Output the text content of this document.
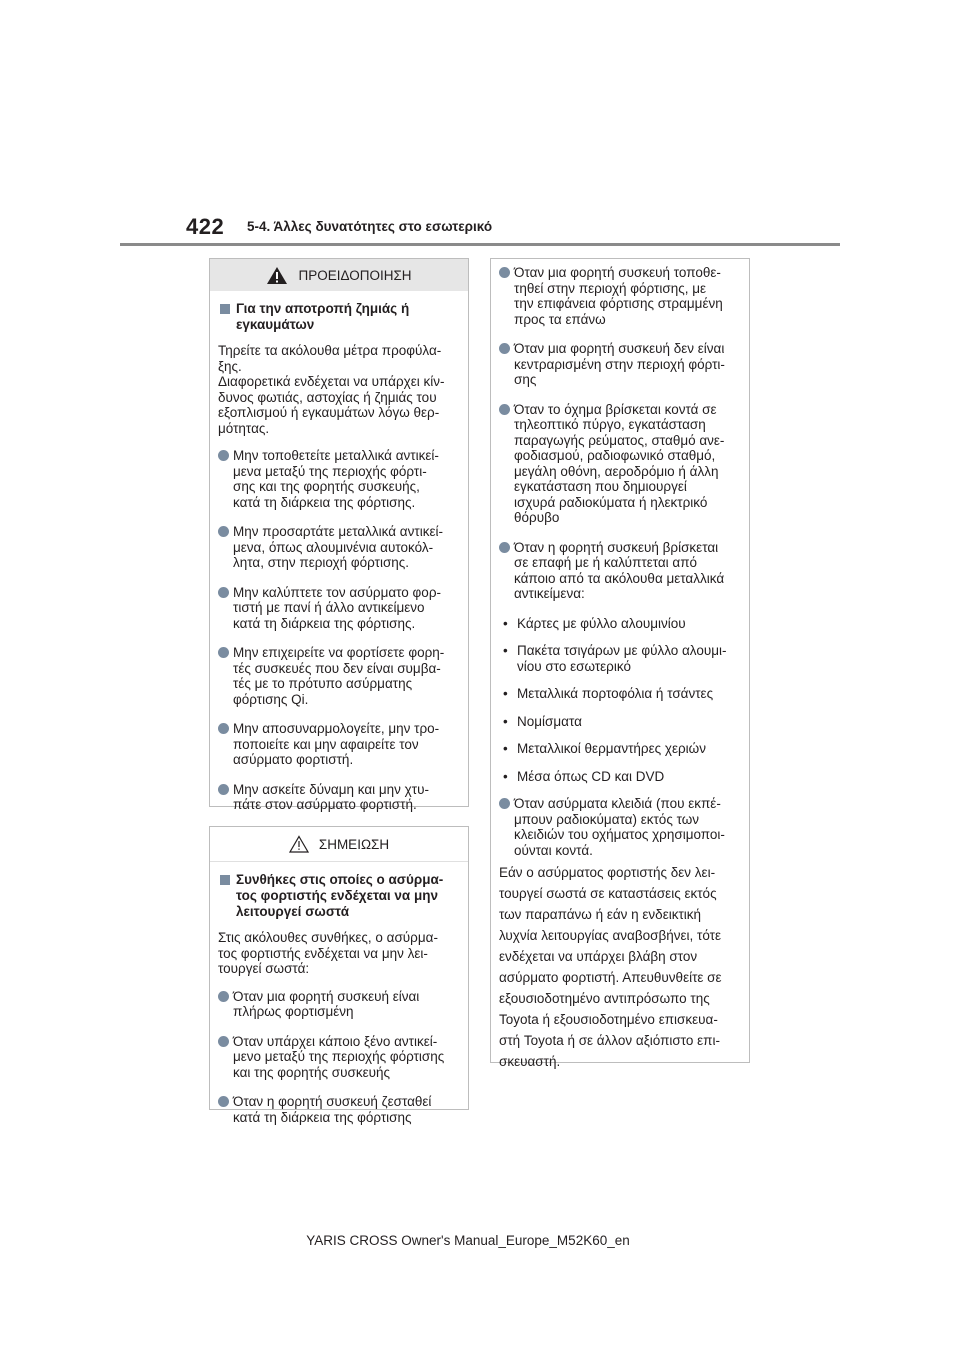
422 5-4. Άλλες δυνατότητες στο εσωτερικό
ΠΡΟΕΙΔΟΠΟΙΗΣΗ
Για την αποτροπή ζημιάς ή
εγκαυμάτων
Τηρείτε τα ακόλουθα μέτρα προφύλα-
ξης.
Διαφορετικά ενδέχεται να υπάρχει κίν-
δυνος φωτιάς, αστοχίας ή ζημιάς του
εξοπλισμού ή εγκαυμάτων λόγω θερ-
μότητας.
Μην τοποθετείτε μεταλλικά αντικεί-
μενα μεταξύ της περιοχής φόρτι-
σης και της φορητής συσκευής,
κατά τη διάρκεια της φόρτισης.
Μην προσαρτάτε μεταλλικά αντικεί-
μενα, όπως αλουμινένια αυτοκόλ-
λητα, στην περιοχή φόρτισης.
Μην καλύπτετε τον ασύρματο φορ-
τιστή με πανί ή άλλο αντικείμενο
κατά τη διάρκεια της φόρτισης.
Μην επιχειρείτε να φορτίσετε φορη-
τές συσκευές που δεν είναι συμβα-
τές με το πρότυπο ασύρματης
φόρτισης Qi.
Μην αποσυναρμολογείτε, μην τρο-
ποποιείτε και μην αφαιρείτε τον
ασύρματο φορτιστή.
Μην ασκείτε δύναμη και μην χτυ-
πάτε στον ασύρματο φορτιστή.
ΣΗΜΕΙΩΣΗ
Συνθήκες στις οποίες ο ασύρμα-
τος φορτιστής ενδέχεται να μην
λειτουργεί σωστά
Στις ακόλουθες συνθήκες, ο ασύρμα-
τος φορτιστής ενδέχεται να μην λει-
τουργεί σωστά:
Όταν μια φορητή συσκευή είναι
πλήρως φορτισμένη
Όταν υπάρχει κάποιο ξένο αντικεί-
μενο μεταξύ της περιοχής φόρτισης
και της φορητής συσκευής
Όταν η φορητή συσκευή ζεσταθεί
κατά τη διάρκεια της φόρτισης
Όταν μια φορητή συσκευή τοποθε-
τηθεί στην περιοχή φόρτισης, με
την επιφάνεια φόρτισης στραμμένη
προς τα επάνω
Όταν μια φορητή συσκευή δεν είναι
κεντραρισμένη στην περιοχή φόρτι-
σης
Όταν το όχημα βρίσκεται κοντά σε
τηλεοπτικό πύργο, εγκατάσταση
παραγωγής ρεύματος, σταθμό ανε-
φοδιασμού, ραδιοφωνικό σταθμό,
μεγάλη οθόνη, αεροδρόμιο ή άλλη
εγκατάσταση που δημιουργεί
ισχυρά ραδιοκύματα ή ηλεκτρικό
θόρυβο
Όταν η φορητή συσκευή βρίσκεται
σε επαφή με ή καλύπτεται από
κάποιο από τα ακόλουθα μεταλλικά
αντικείμενα:
• Κάρτες με φύλλο αλουμινίου
• Πακέτα τσιγάρων με φύλλο αλουμι-
νίου στο εσωτερικό
• Μεταλλικά πορτοφόλια ή τσάντες
• Νομίσματα
• Μεταλλικοί θερμαντήρες χεριών
• Μέσα όπως CD και DVD
Όταν ασύρματα κλειδιά (που εκπέ-
μπουν ραδιοκύματα) εκτός των
κλειδιών του οχήματος χρησιμοποι-
ούνται κοντά.
Εάν ο ασύρματος φορτιστής δεν λει-
τουργεί σωστά σε καταστάσεις εκτός
των παραπάνω ή εάν η ενδεικτική
λυχνία λειτουργίας αναβοσβήνει, τότε
ενδέχεται να υπάρχει βλάβη στον
ασύρματο φορτιστή. Απευθυνθείτε σε
εξουσιοδοτημένο αντιπρόσωπο της
Toyota ή εξουσιοδοτημένο επισκευα-
στή Toyota ή σε άλλον αξιόπιστο επι-
σκευαστή.
YARIS CROSS Owner's Manual_Europe_M52K60_en
